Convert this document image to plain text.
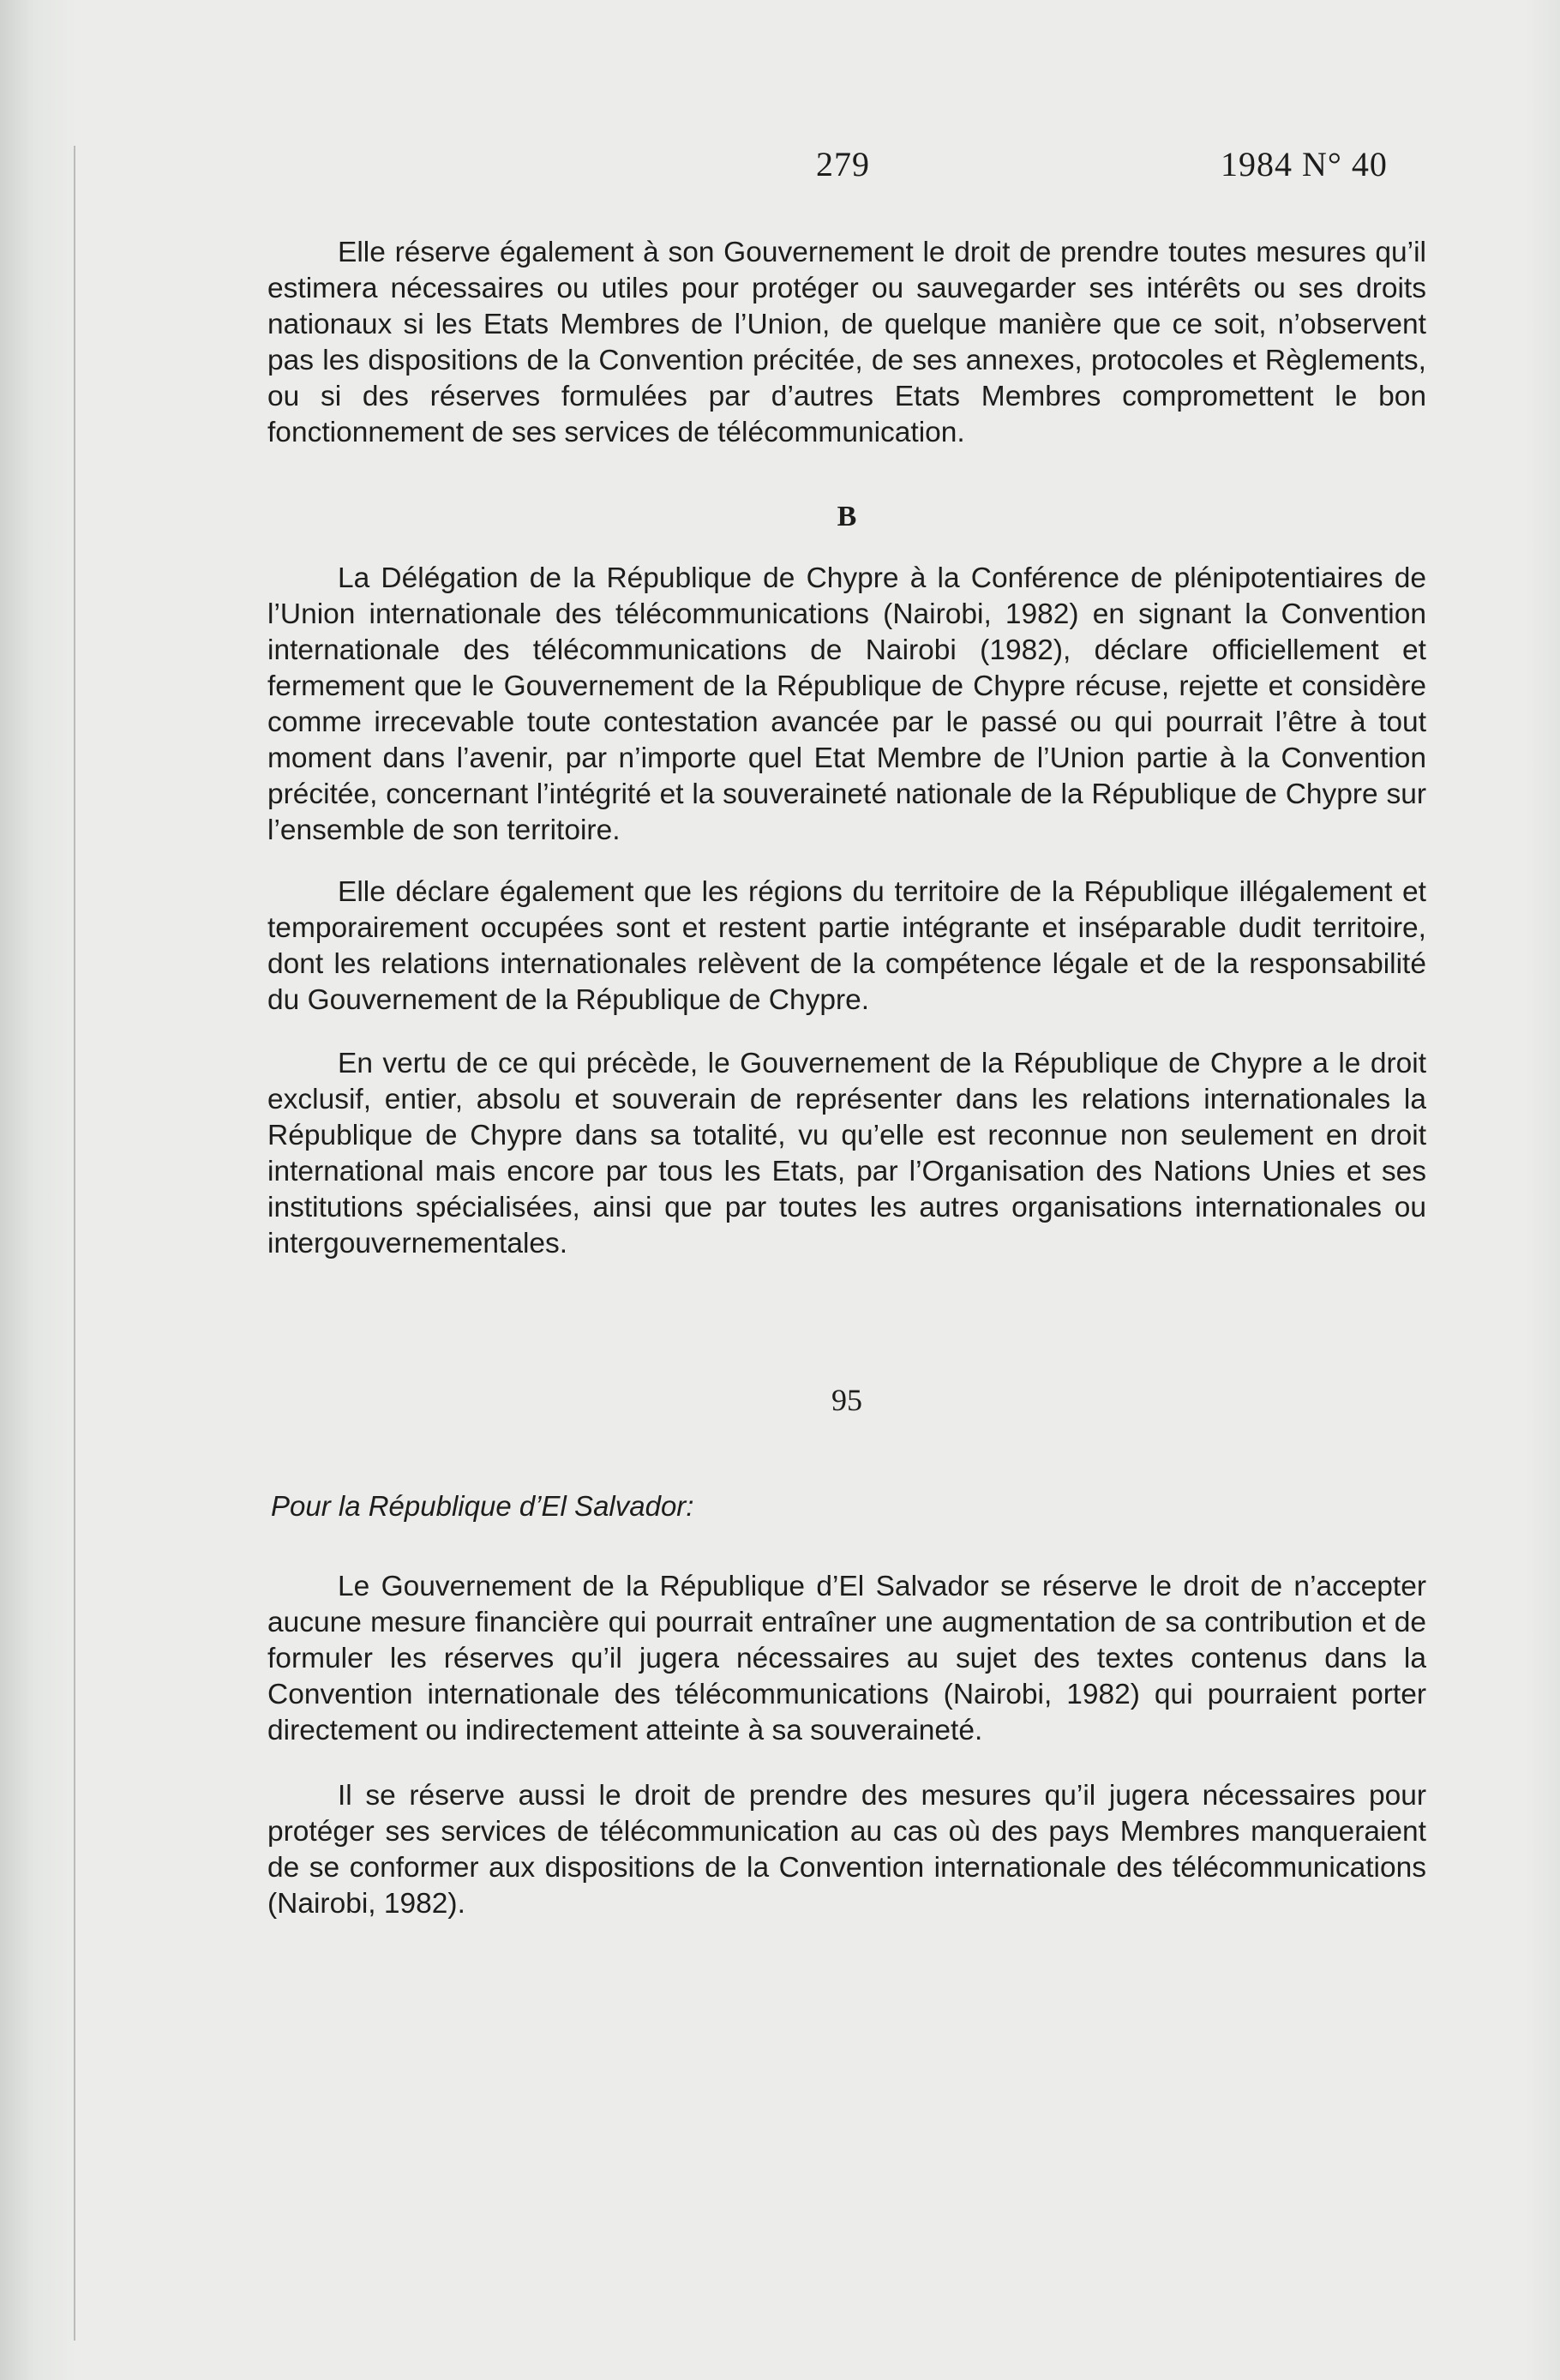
279	1984 N° 40

Elle réserve également à son Gouvernement le droit de prendre toutes mesures qu’il estimera nécessaires ou utiles pour protéger ou sauvegarder ses intérêts ou ses droits nationaux si les Etats Membres de l’Union, de quelque manière que ce soit, n’observent pas les dispositions de la Convention précitée, de ses annexes, protocoles et Règlements, ou si des réserves formulées par d’autres Etats Membres compromettent le bon fonctionnement de ses services de télécommunication.

B

La Délégation de la République de Chypre à la Conférence de plénipotentiaires de l’Union internationale des télécommunications (Nairobi, 1982) en signant la Convention internationale des télécommunications de Nairobi (1982), déclare officiellement et fermement que le Gouvernement de la République de Chypre récuse, rejette et considère comme irrecevable toute contestation avancée par le passé ou qui pourrait l’être à tout moment dans l’avenir, par n’importe quel Etat Membre de l’Union partie à la Convention précitée, concernant l’intégrité et la souveraineté nationale de la République de Chypre sur l’ensemble de son territoire.

Elle déclare également que les régions du territoire de la République illégalement et temporairement occupées sont et restent partie intégrante et inséparable dudit territoire, dont les relations internationales relèvent de la compétence légale et de la responsabilité du Gouvernement de la République de Chypre.

En vertu de ce qui précède, le Gouvernement de la République de Chypre a le droit exclusif, entier, absolu et souverain de représenter dans les relations internationales la République de Chypre dans sa totalité, vu qu’elle est reconnue non seulement en droit international mais encore par tous les Etats, par l’Organisation des Nations Unies et ses institutions spécialisées, ainsi que par toutes les autres organisations internationales ou intergouvernementales.

95

Pour la République d’El Salvador:

Le Gouvernement de la République d’El Salvador se réserve le droit de n’accepter aucune mesure financière qui pourrait entraîner une augmentation de sa contribution et de formuler les réserves qu’il jugera nécessaires au sujet des textes contenus dans la Convention internationale des télécommunications (Nairobi, 1982) qui pourraient porter directement ou indirectement atteinte à sa souveraineté.

Il se réserve aussi le droit de prendre des mesures qu’il jugera nécessaires pour protéger ses services de télécommunication au cas où des pays Membres manqueraient de se conformer aux dispositions de la Convention internationale des télécommunications (Nairobi, 1982).
